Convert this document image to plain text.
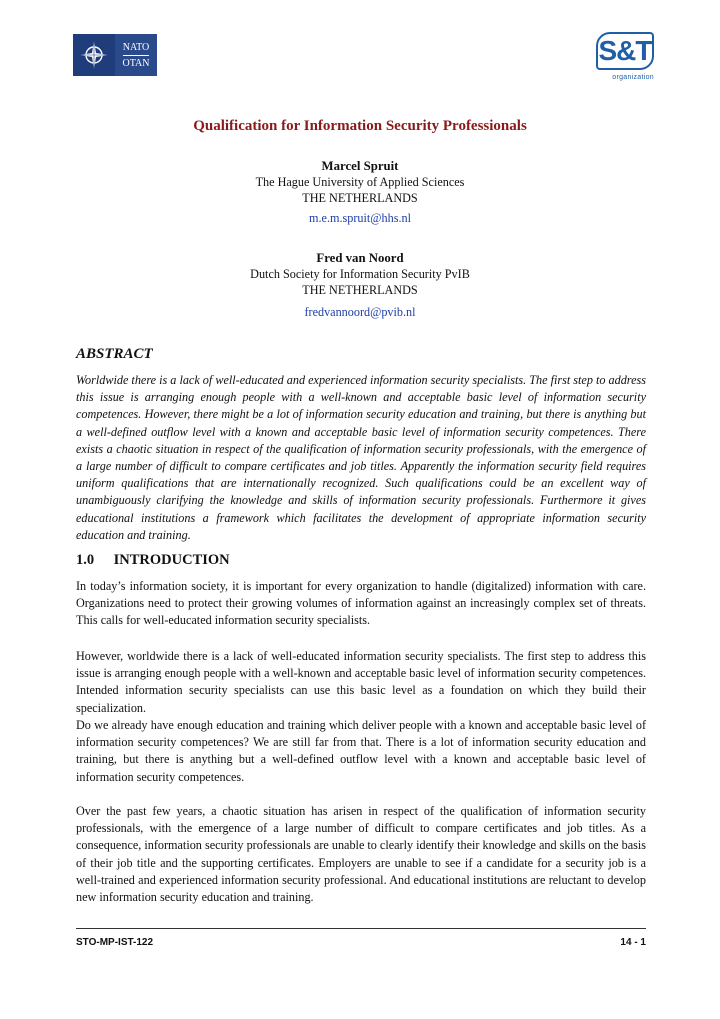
NATO
OTAN	S&T
organization
Qualification for Information Security Professionals
Marcel Spruit
The Hague University of Applied Sciences
THE NETHERLANDS
m.e.m.spruit@hhs.nl
Fred van Noord
Dutch Society for Information Security PvIB
THE NETHERLANDS
fredvannoord@pvib.nl
ABSTRACT
Worldwide there is a lack of well-educated and experienced information security specialists. The first step to address this issue is arranging enough people with a well-known and acceptable basic level of information security competences. However, there might be a lot of information security education and training, but there is anything but a well-defined outflow level with a known and acceptable basic level of information security competences. There exists a chaotic situation in respect of the qualification of information security professionals, with the emergence of a large number of difficult to compare certificates and job titles. Apparently the information security field requires uniform qualifications that are internationally recognized. Such qualifications could be an excellent way of unambiguously clarifying the knowledge and skills of information security professionals. Furthermore it gives educational institutions a framework which facilitates the development of appropriate information security education and training.
1.0 INTRODUCTION
In today’s information society, it is important for every organization to handle (digitalized) information with care. Organizations need to protect their growing volumes of information against an increasingly complex set of threats. This calls for well-educated information security specialists.
However, worldwide there is a lack of well-educated information security specialists. The first step to address this issue is arranging enough people with a well-known and acceptable basic level of information security competences. Intended information security specialists can use this basic level as a foundation on which they build their specialization.
Do we already have enough education and training which deliver people with a known and acceptable basic level of information security competences? We are still far from that. There is a lot of information security education and training, but there is anything but a well-defined outflow level with a known and acceptable basic level of information security competences.
Over the past few years, a chaotic situation has arisen in respect of the qualification of information security professionals, with the emergence of a large number of difficult to compare certificates and job titles. As a consequence, information security professionals are unable to clearly identify their knowledge and skills on the basis of their job title and the supporting certificates. Employers are unable to see if a candidate for a security job is a well-trained and experienced information security professional. And educational institutions are reluctant to develop new information security education and training.
STO-MP-IST-122	14 - 1
